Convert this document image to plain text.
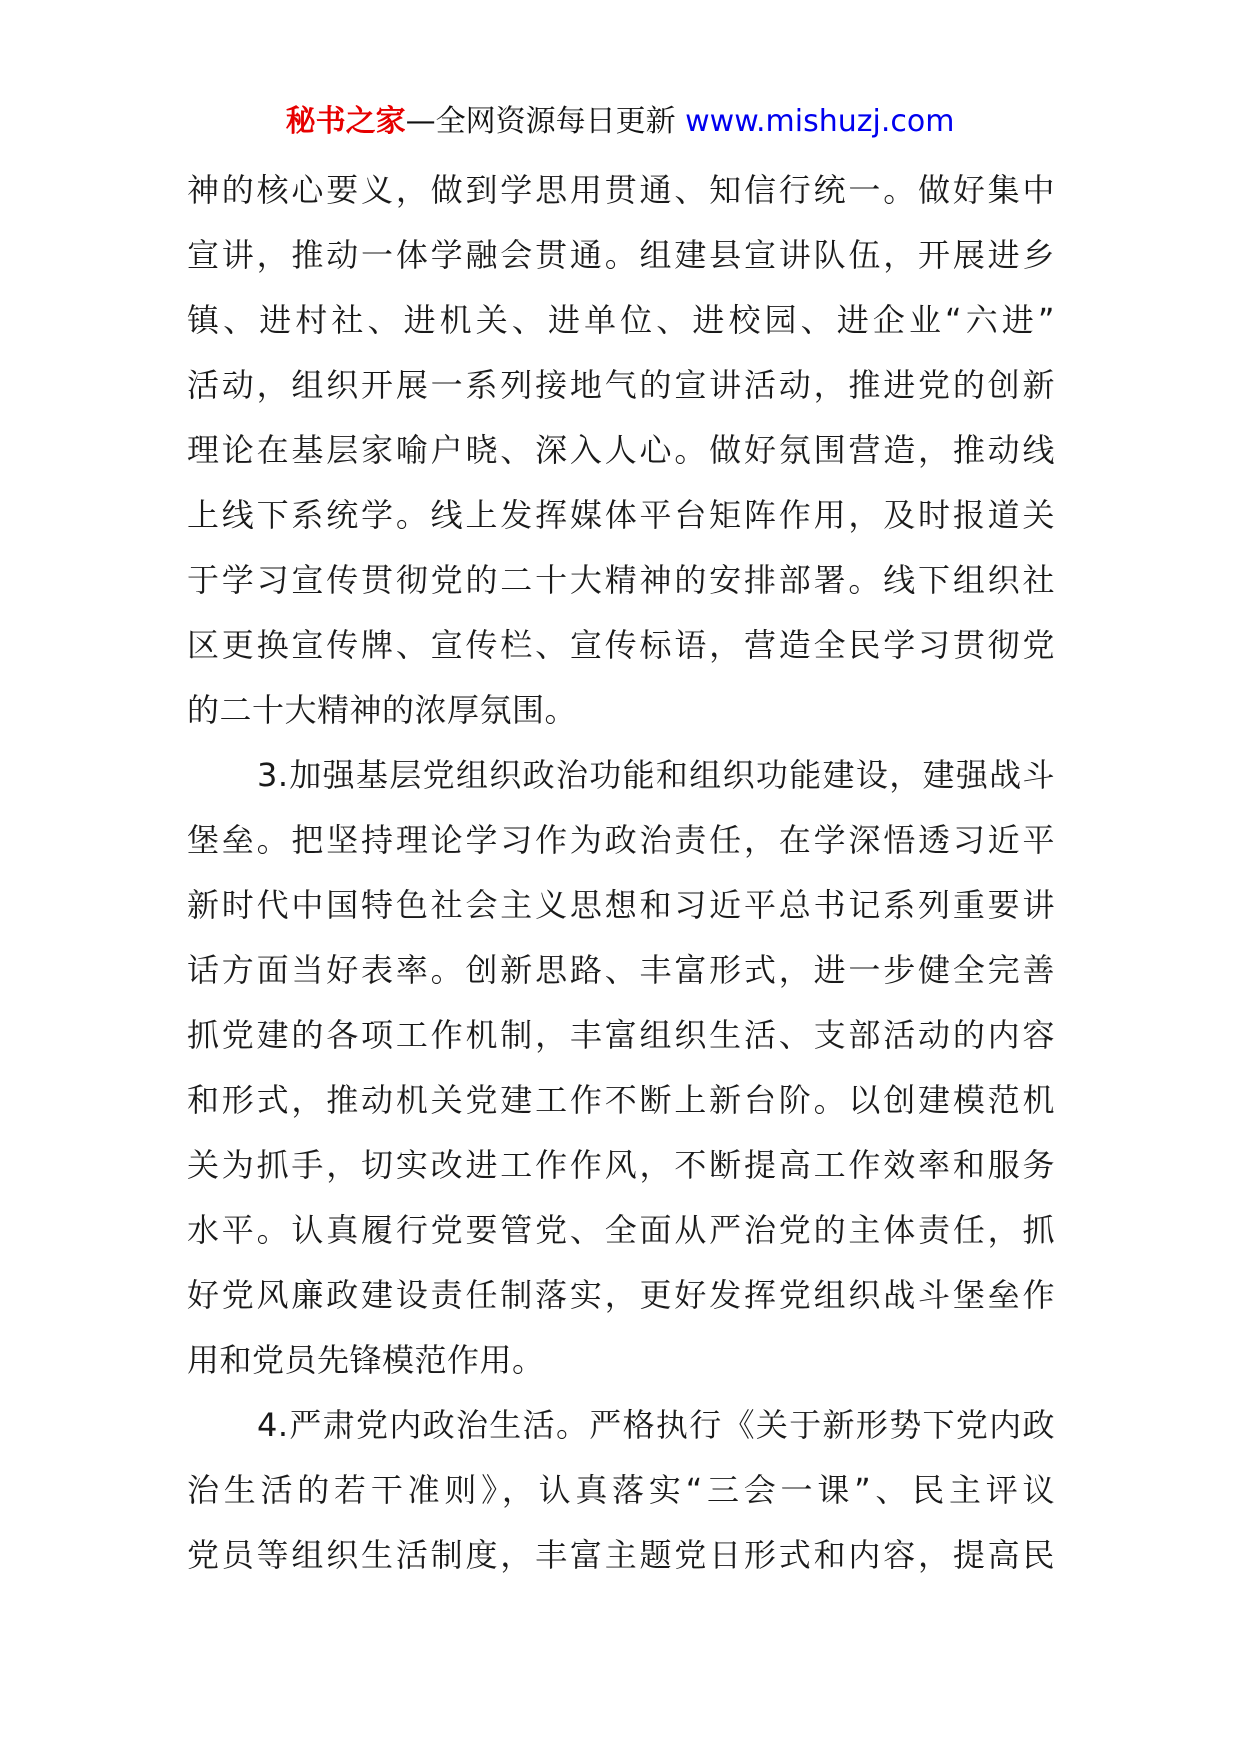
秘书之家—全网资源每日更新 www.mishuzj.com
神的核心要义，做到学思用贯通、知信行统一。做好集中
宣讲，推动一体学融会贯通。组建县宣讲队伍，开展进乡
镇、进村社、进机关、进单位、进校园、进企业“六进”
活动，组织开展一系列接地气的宣讲活动，推进党的创新
理论在基层家喻户晓、深入人心。做好氛围营造，推动线
上线下系统学。线上发挥媒体平台矩阵作用，及时报道关
于学习宣传贯彻党的二十大精神的安排部署。线下组织社
区更换宣传牌、宣传栏、宣传标语，营造全民学习贯彻党
的二十大精神的浓厚氛围。
3.加强基层党组织政治功能和组织功能建设，建强战斗
堡垒。把坚持理论学习作为政治责任，在学深悟透习近平
新时代中国特色社会主义思想和习近平总书记系列重要讲
话方面当好表率。创新思路、丰富形式，进一步健全完善
抓党建的各项工作机制，丰富组织生活、支部活动的内容
和形式，推动机关党建工作不断上新台阶。以创建模范机
关为抓手，切实改进工作作风，不断提高工作效率和服务
水平。认真履行党要管党、全面从严治党的主体责任，抓
好党风廉政建设责任制落实，更好发挥党组织战斗堡垒作
用和党员先锋模范作用。
4.严肃党内政治生活。严格执行《关于新形势下党内政
治生活的若干准则》，认真落实“三会一课”、民主评议
党员等组织生活制度，丰富主题党日形式和内容，提高民
